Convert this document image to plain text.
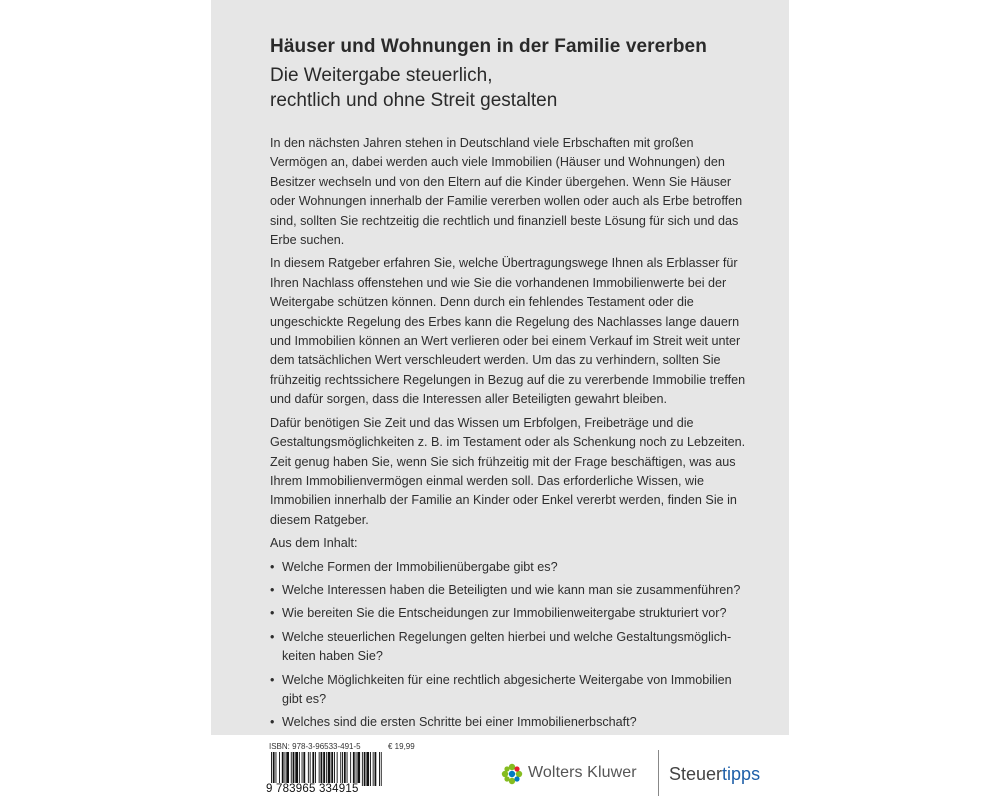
Häuser und Wohnungen in der Familie vererben
Die Weitergabe steuerlich,
rechtlich und ohne Streit gestalten

In den nächsten Jahren stehen in Deutschland viele Erbschaften mit großen Vermögen an, dabei werden auch viele Immobilien (Häuser und Wohnungen) den Besitzer wechseln und von den Eltern auf die Kinder übergehen. Wenn Sie Häuser oder Wohnungen innerhalb der Familie vererben wollen oder auch als Erbe betroffen sind, sollten Sie rechtzeitig die rechtlich und finanziell beste Lösung für sich und das Erbe suchen.

In diesem Ratgeber erfahren Sie, welche Übertragungswege Ihnen als Erblasser für Ihren Nachlass offenstehen und wie Sie die vorhandenen Immobilienwerte bei der Weitergabe schützen können. Denn durch ein fehlendes Testament oder die ungeschickte Regelung des Erbes kann die Regelung des Nachlasses lange dauern und Immobilien können an Wert verlieren oder bei einem Verkauf im Streit weit unter dem tatsächlichen Wert verschleudert werden. Um das zu verhindern, sollten Sie frühzeitig rechtssichere Regelungen in Bezug auf die zu vererbende Immobilie treffen und dafür sorgen, dass die Interessen aller Beteiligten gewahrt bleiben.

Dafür benötigen Sie Zeit und das Wissen um Erbfolgen, Freibeträge und die Gestaltungsmöglichkeiten z. B. im Testament oder als Schenkung noch zu Lebzeiten. Zeit genug haben Sie, wenn Sie sich frühzeitig mit der Frage beschäftigen, was aus Ihrem Immobilienvermögen einmal werden soll. Das erforderliche Wissen, wie Immobilien innerhalb der Familie an Kinder oder Enkel vererbt werden, finden Sie in diesem Ratgeber.

Aus dem Inhalt:

• Welche Formen der Immobilienübergabe gibt es?
• Welche Interessen haben die Beteiligten und wie kann man sie zusammenführen?
• Wie bereiten Sie die Entscheidungen zur Immobilienweitergabe strukturiert vor?
• Welche steuerlichen Regelungen gelten hierbei und welche Gestaltungsmöglich-keiten haben Sie?
• Welche Möglichkeiten für eine rechtlich abgesicherte Weitergabe von Immobilien gibt es?
• Welches sind die ersten Schritte bei einer Immobilienerbschaft?
ISBN: 978-3-96533-491-5	€ 19,99
9 783965 334915
Wolters Kluwer Steuertipps
